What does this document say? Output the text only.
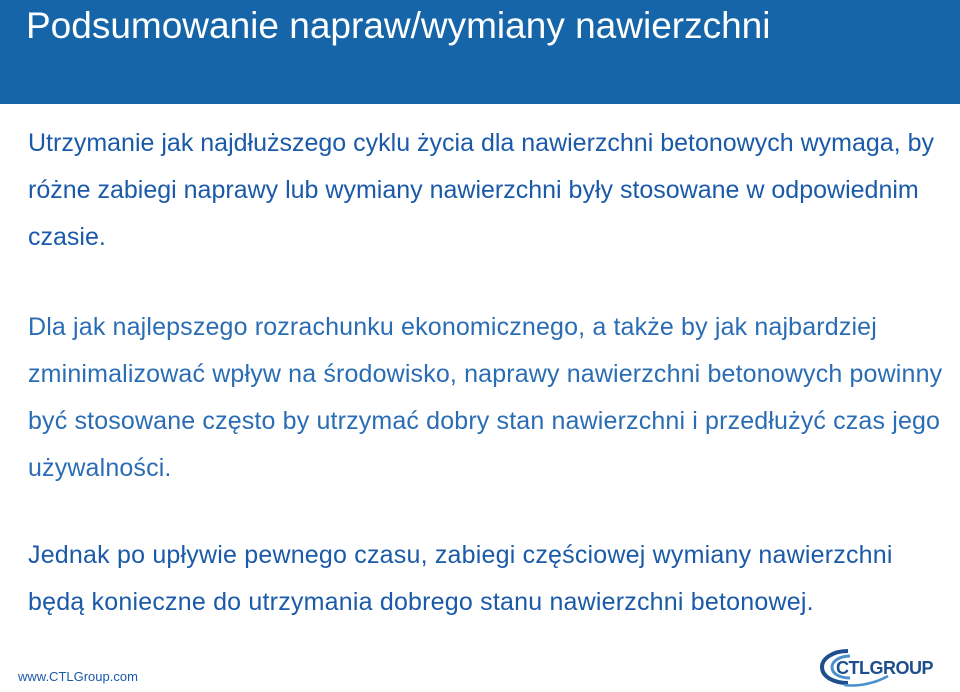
Podsumowanie napraw/wymiany nawierzchni

Utrzymanie jak najdłuższego cyklu życia dla nawierzchni betonowych wymaga, by różne zabiegi naprawy lub wymiany nawierzchni były stosowane w odpowiednim czasie.

Dla jak najlepszego rozrachunku ekonomicznego, a także by jak najbardziej zminimalizować wpływ na środowisko, naprawy nawierzchni betonowych powinny być stosowane często by utrzymać dobry stan nawierzchni i przedłużyć czas jego używalności.

Jednak po upływie pewnego czasu, zabiegi częściowej wymiany nawierzchni będą konieczne do utrzymania dobrego stanu nawierzchni betonowej.

www.CTLGroup.com	CTLGROUP
